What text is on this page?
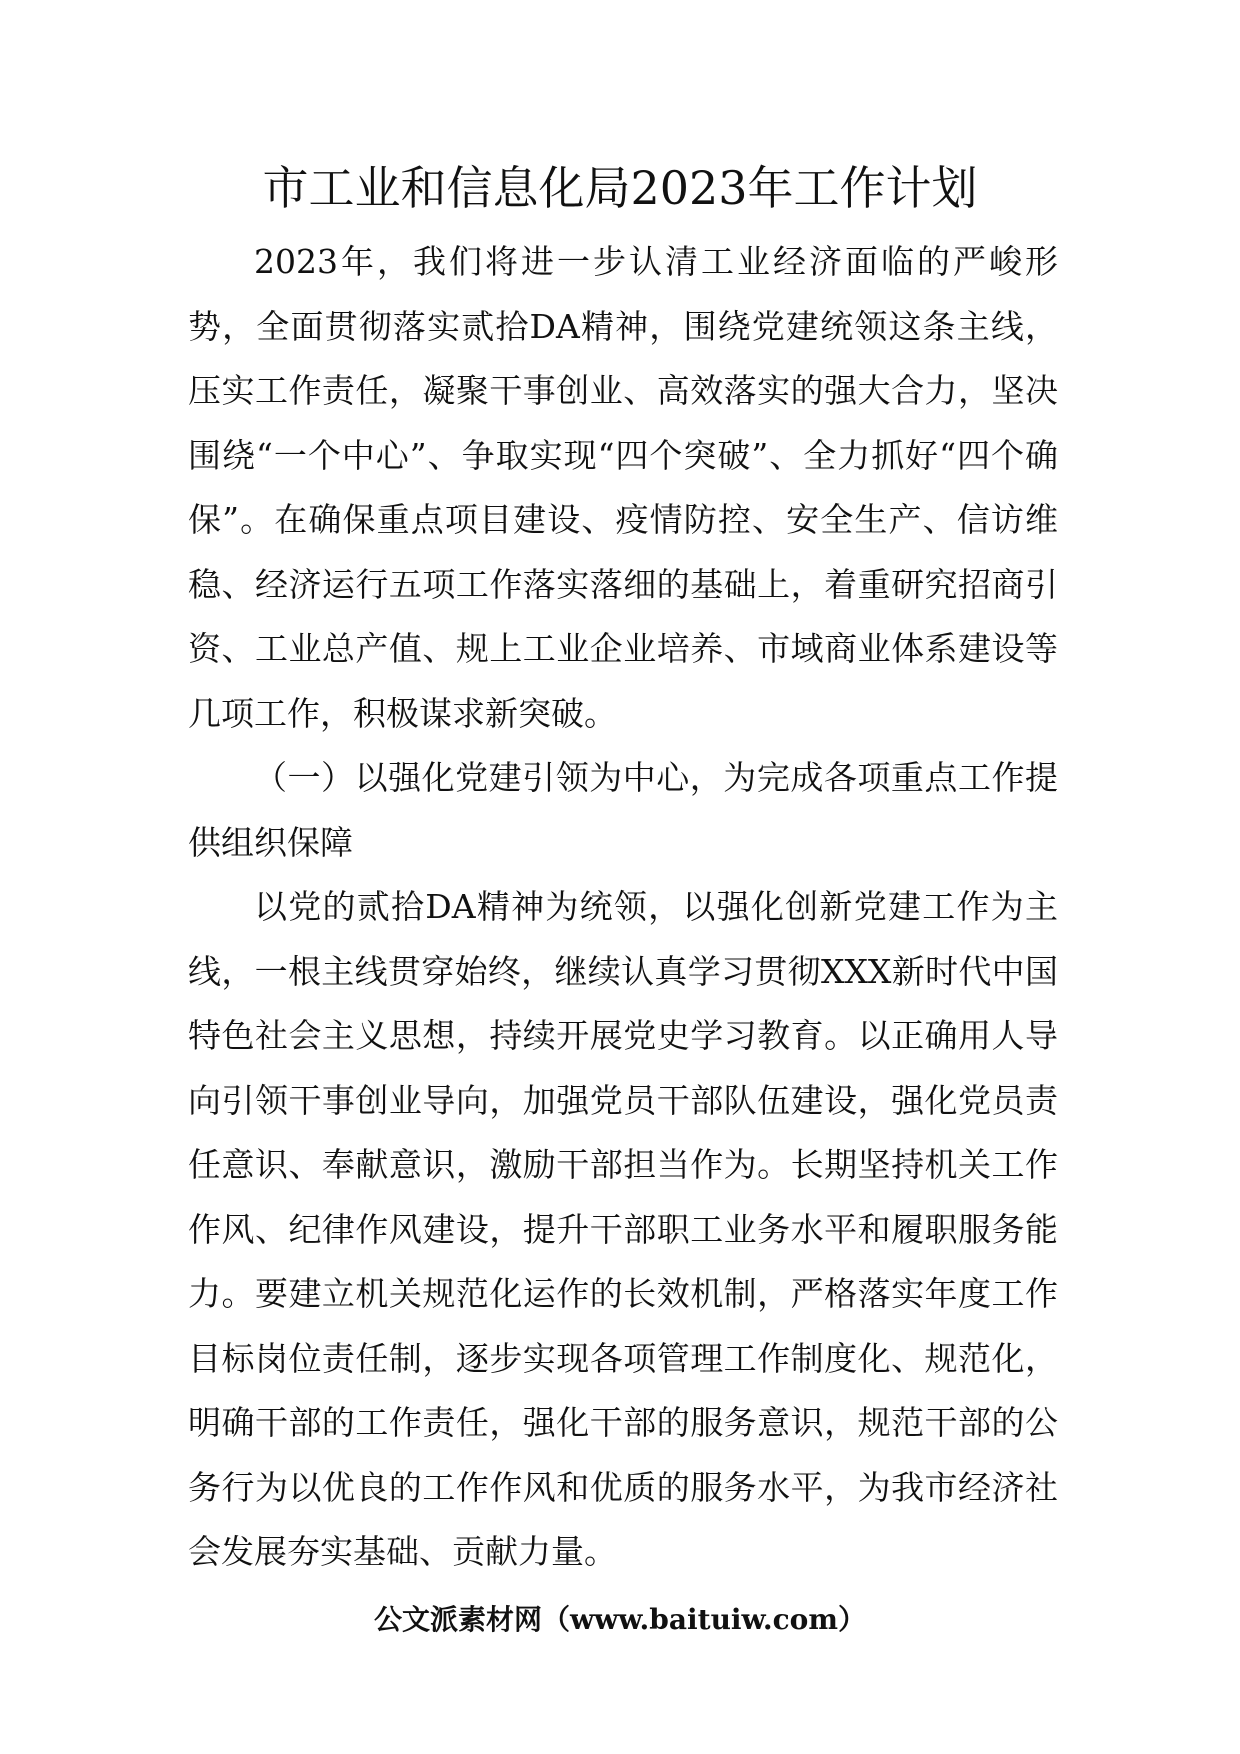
市工业和信息化局2023年工作计划

2023年，我们将进一步认清工业经济面临的严峻形势，全面贯彻落实贰拾DA精神，围绕党建统领这条主线，压实工作责任，凝聚干事创业、高效落实的强大合力，坚决围绕“一个中心”、争取实现“四个突破”、全力抓好“四个确保”。在确保重点项目建设、疫情防控、安全生产、信访维稳、经济运行五项工作落实落细的基础上，着重研究招商引资、工业总产值、规上工业企业培养、市域商业体系建设等几项工作，积极谋求新突破。

（一）以强化党建引领为中心，为完成各项重点工作提供组织保障

以党的贰拾DA精神为统领，以强化创新党建工作为主线，一根主线贯穿始终，继续认真学习贯彻XXX新时代中国特色社会主义思想，持续开展党史学习教育。以正确用人导向引领干事创业导向，加强党员干部队伍建设，强化党员责任意识、奉献意识，激励干部担当作为。长期坚持机关工作作风、纪律作风建设，提升干部职工业务水平和履职服务能力。要建立机关规范化运作的长效机制，严格落实年度工作目标岗位责任制，逐步实现各项管理工作制度化、规范化，明确干部的工作责任，强化干部的服务意识，规范干部的公务行为以优良的工作作风和优质的服务水平，为我市经济社会发展夯实基础、贡献力量。

公文派素材网（www.baituiw.com）
